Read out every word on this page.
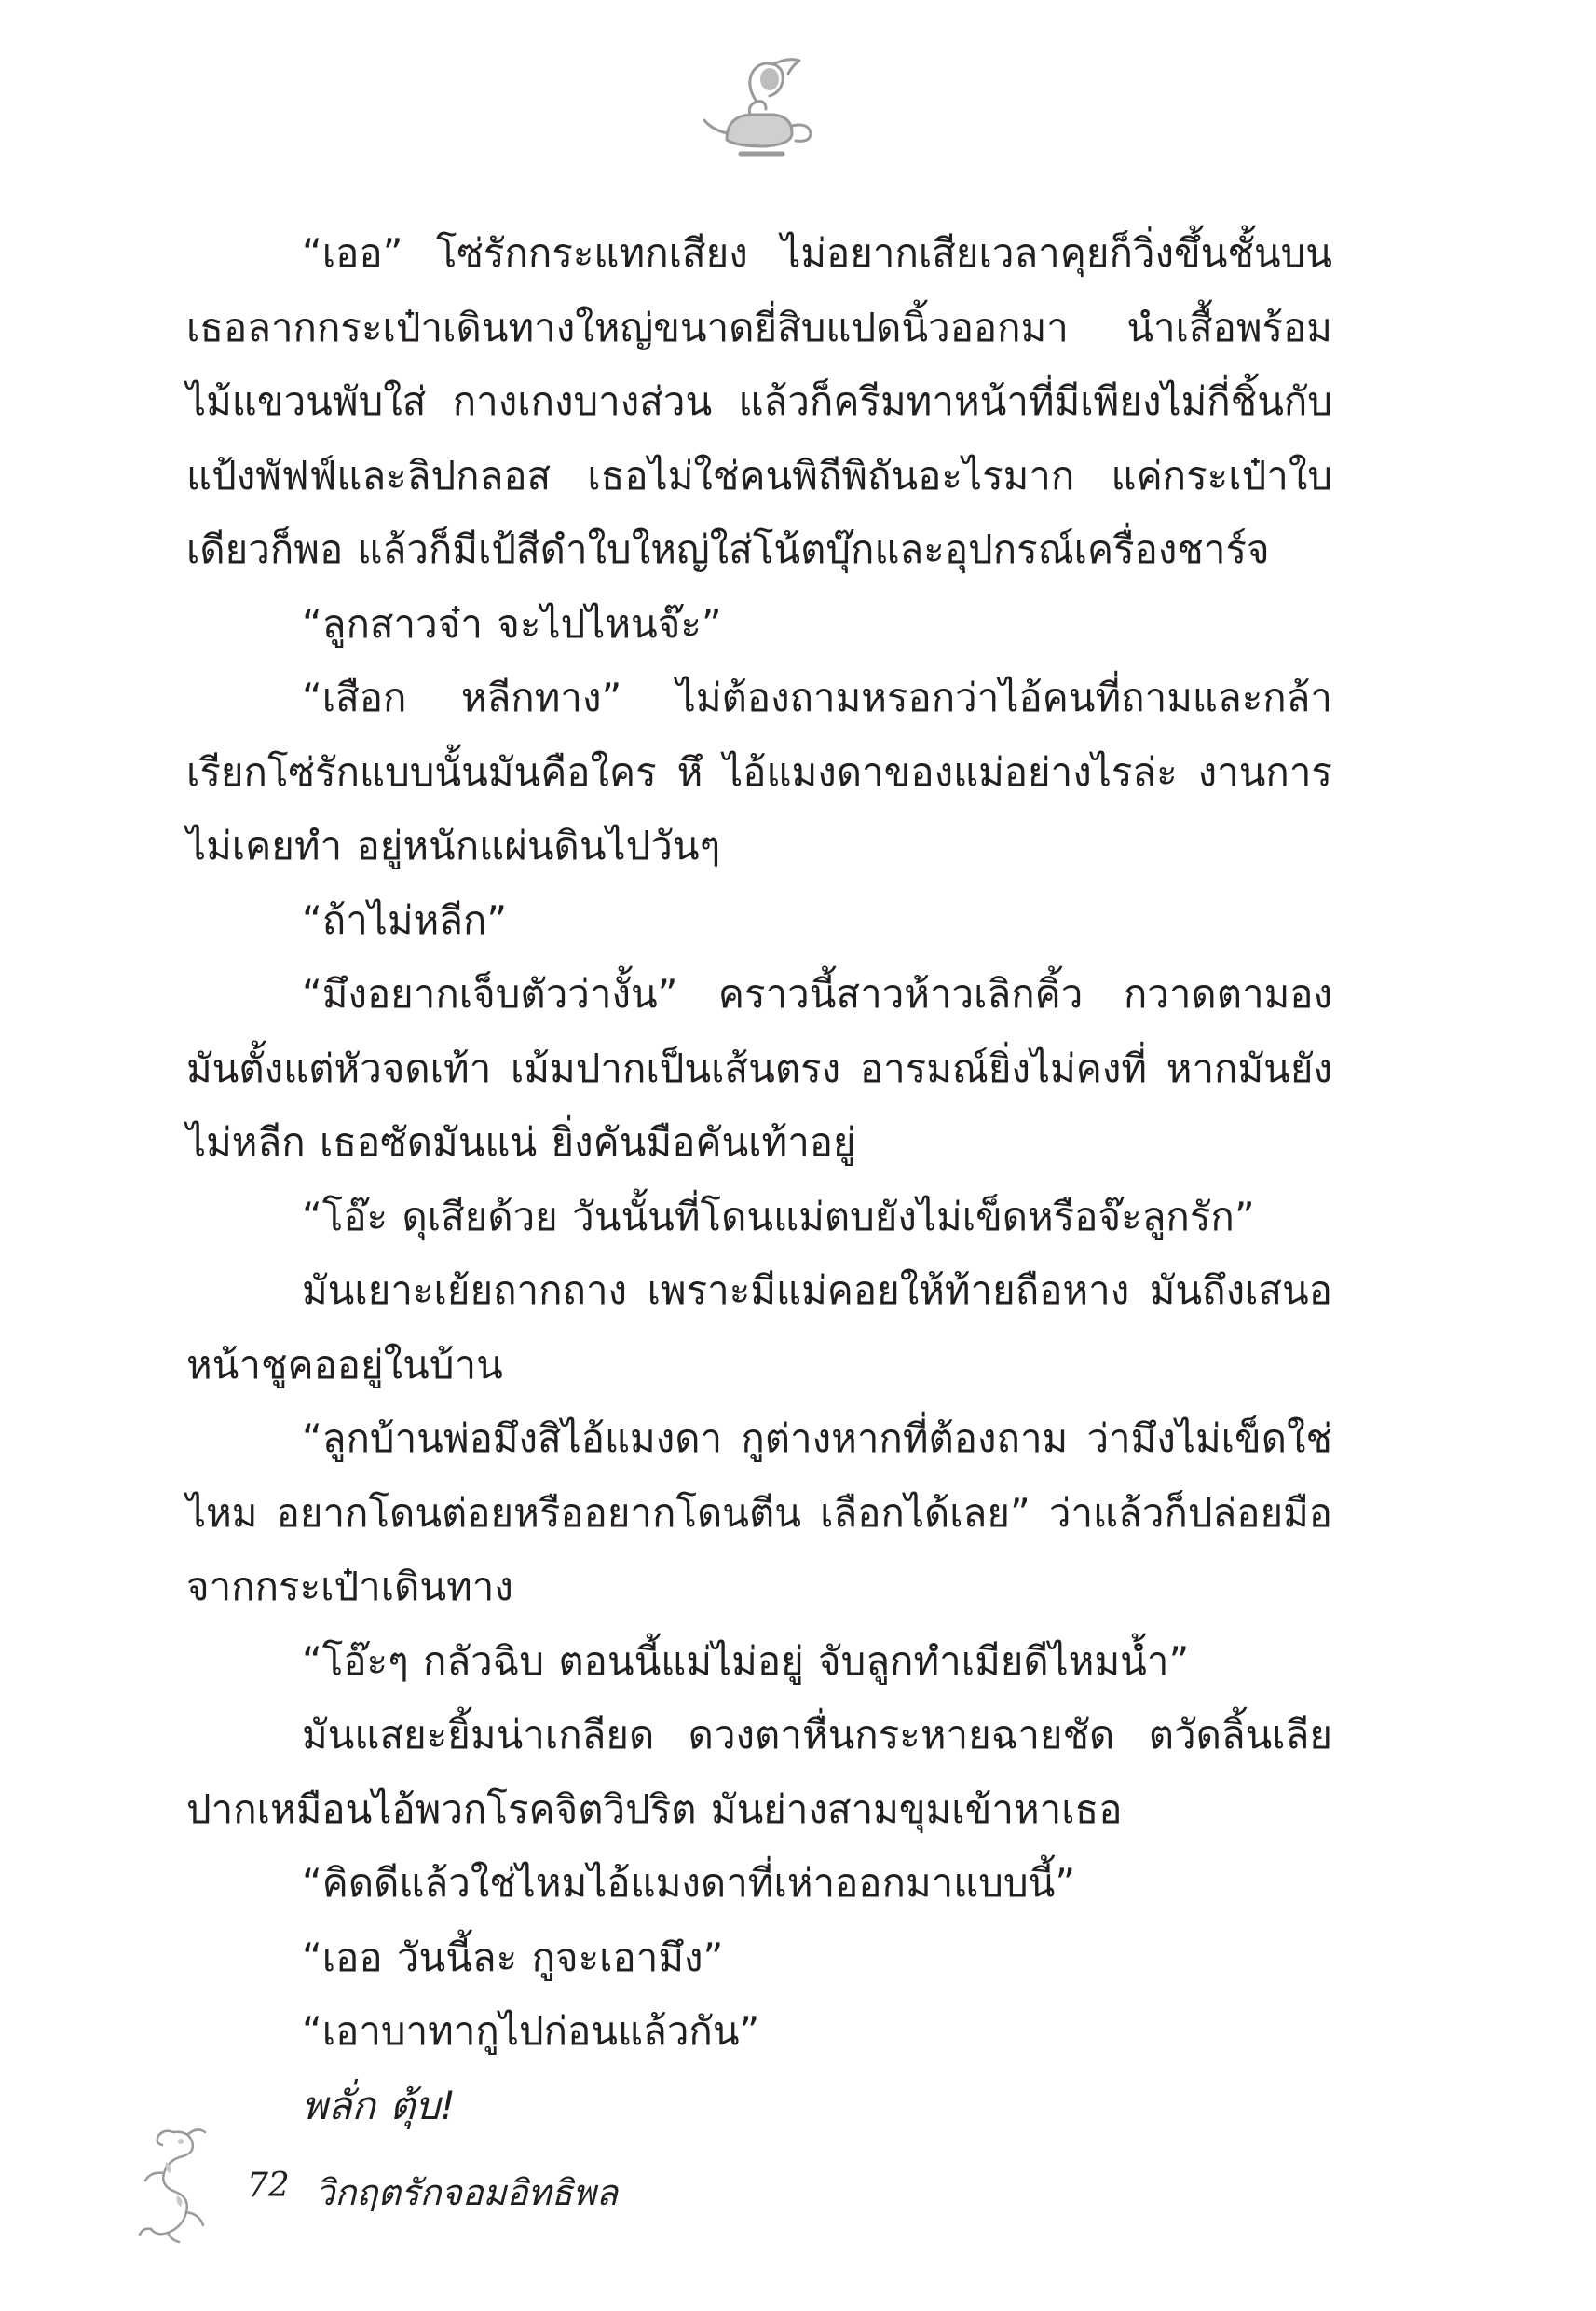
“เออ” โซ่รักกระแทกเสียง ไม่อยากเสียเวลาคุยก็วิ่งขึ้นชั้นบน เธอลากกระเป๋าเดินทางใหญ่ขนาดยี่สิบแปดนิ้วออกมา นำเสื้อพร้อมไม้แขวนพับใส่ กางเกงบางส่วน แล้วก็ครีมทาหน้าที่มีเพียงไม่กี่ชิ้นกับแป้งพัฟฟ์และลิปกลอส เธอไม่ใช่คนพิถีพิถันอะไรมาก แค่กระเป๋าใบเดียวก็พอ แล้วก็มีเป้สีดำใบใหญ่ใส่โน้ตบุ๊กและอุปกรณ์เครื่องชาร์จ

“ลูกสาวจ๋า จะไปไหนจ๊ะ”

“เสือก หลีกทาง” ไม่ต้องถามหรอกว่าไอ้คนที่ถามและกล้าเรียกโซ่รักแบบนั้นมันคือใคร หึ ไอ้แมงดาของแม่อย่างไรล่ะ งานการไม่เคยทำ อยู่หนักแผ่นดินไปวันๆ

“ถ้าไม่หลีก”

“มึงอยากเจ็บตัวว่างั้น” คราวนี้สาวห้าวเลิกคิ้ว กวาดตามองมันตั้งแต่หัวจดเท้า เม้มปากเป็นเส้นตรง อารมณ์ยิ่งไม่คงที่ หากมันยังไม่หลีก เธอซัดมันแน่ ยิ่งคันมือคันเท้าอยู่

“โอ๊ะ ดุเสียด้วย วันนั้นที่โดนแม่ตบยังไม่เข็ดหรือจ๊ะลูกรัก”

มันเยาะเย้ยถากถาง เพราะมีแม่คอยให้ท้ายถือหาง มันถึงเสนอหน้าชูคออยู่ในบ้าน

“ลูกบ้านพ่อมึงสิไอ้แมงดา กูต่างหากที่ต้องถาม ว่ามึงไม่เข็ดใช่ไหม อยากโดนต่อยหรืออยากโดนตีน เลือกได้เลย” ว่าแล้วก็ปล่อยมือจากกระเป๋าเดินทาง

“โอ๊ะๆ กลัวฉิบ ตอนนี้แม่ไม่อยู่ จับลูกทำเมียดีไหมน้ำ”

มันแสยะยิ้มน่าเกลียด ดวงตาหื่นกระหายฉายชัด ตวัดลิ้นเลียปากเหมือนไอ้พวกโรคจิตวิปริต มันย่างสามขุมเข้าหาเธอ

“คิดดีแล้วใช่ไหมไอ้แมงดาที่เห่าออกมาแบบนี้”

“เออ วันนี้ละ กูจะเอามึง”

“เอาบาทากูไปก่อนแล้วกัน”

พลั่ก ตุ้บ!

72 วิกฤตรักจอมอิทธิพล
